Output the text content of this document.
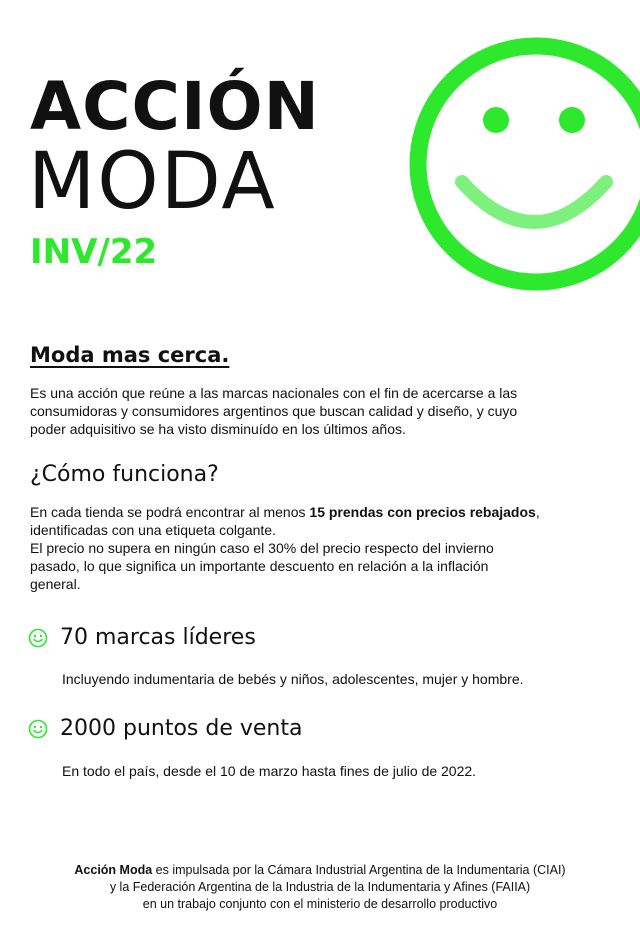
ACCIÓN
MODA
INV/22
Moda mas cerca.
Es una acción que reúne a las marcas nacionales con el fin de acercarse a las
consumidoras y consumidores argentinos que buscan calidad y diseño, y cuyo
poder adquisitivo se ha visto disminuído en los últimos años.
¿Cómo funciona?
En cada tienda se podrá encontrar al menos 15 prendas con precios rebajados,
identificadas con una etiqueta colgante.
El precio no supera en ningún caso el 30% del precio respecto del invierno
pasado, lo que significa un importante descuento en relación a la inflación
general.
70 marcas líderes
Incluyendo indumentaria de bebés y niños, adolescentes, mujer y hombre.
2000 puntos de venta
En todo el país, desde el 10 de marzo hasta fines de julio de 2022.
Acción Moda es impulsada por la Cámara Industrial Argentina de la Indumentaria (CIAI)
y la Federación Argentina de la Industria de la Indumentaria y Afines (FAIIA)
en un trabajo conjunto con el ministerio de desarrollo productivo
